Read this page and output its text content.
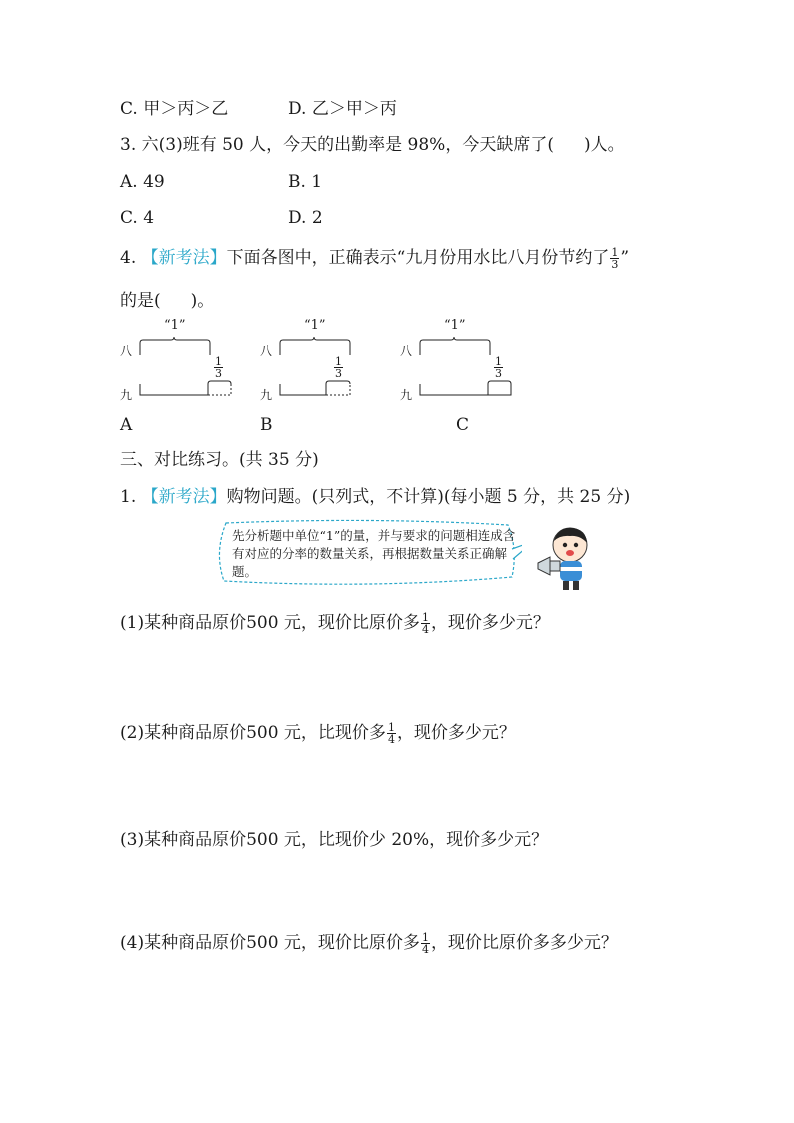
C. 甲＞丙＞乙	D. 乙＞甲＞丙
3. 六(3)班有 50 人，今天的出勤率是 98%，今天缺席了( )人。
A. 49	B. 1
C. 4	D. 2
4. 【新考法】下面各图中，正确表示“九月份用水比八月份节约了 $\frac{1}{3}$ ”
的是( )。
“1”
八
九
$\frac{1}{3}$
“1”
八
九
$\frac{1}{3}$
“1”
八
九
$\frac{1}{3}$
A	B	C
三、对比练习。(共 35 分)
1. 【新考法】购物问题。(只列式，不计算)(每小题 5 分，共 25 分)
先分析题中单位“1”的量，并与要求的问题相连成含有对应的分率的数量关系，再根据数量关系正确解题。
(1)某种商品原价500 元，现价比原价多 $\frac{1}{4}$ ，现价多少元？
(2)某种商品原价500 元，比现价多 $\frac{1}{4}$ ，现价多少元？
(3)某种商品原价500 元，比现价少 20%，现价多少元？
(4)某种商品原价500 元，现价比原价多 $\frac{1}{4}$ ，现价比原价多多少元？
